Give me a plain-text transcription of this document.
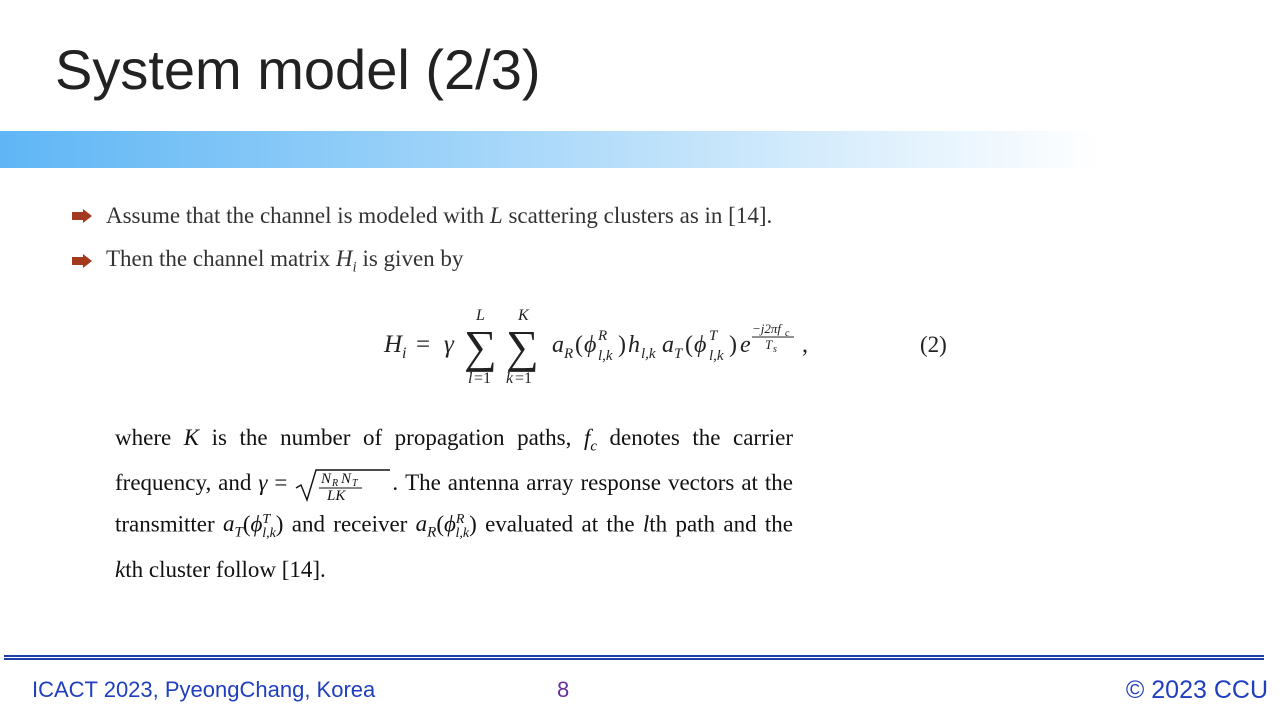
System model (2/3)
Assume that the channel is modeled with L scattering clusters as in [14].
Then the channel matrix $H_i$ is given by
H i = γ
L
∑
l =1
K
∑
k =1
a R ( ϕ R
l,k ) h l,k a T ( ϕ T
l,k ) e
−j2πf c
T s ,	(2)

where K is the number of propagation paths, $f_c$ denotes the carrier frequency, and γ = N R N T
LK
. The antenna array response vectors at the transmitter $a_T(\phi^T_{l,k})$ and receiver $a_R(\phi^R_{l,k})$ evaluated at the lth path and the kth cluster follow [14].

ICACT 2023, PyeongChang, Korea	8	© 2023 CCU
